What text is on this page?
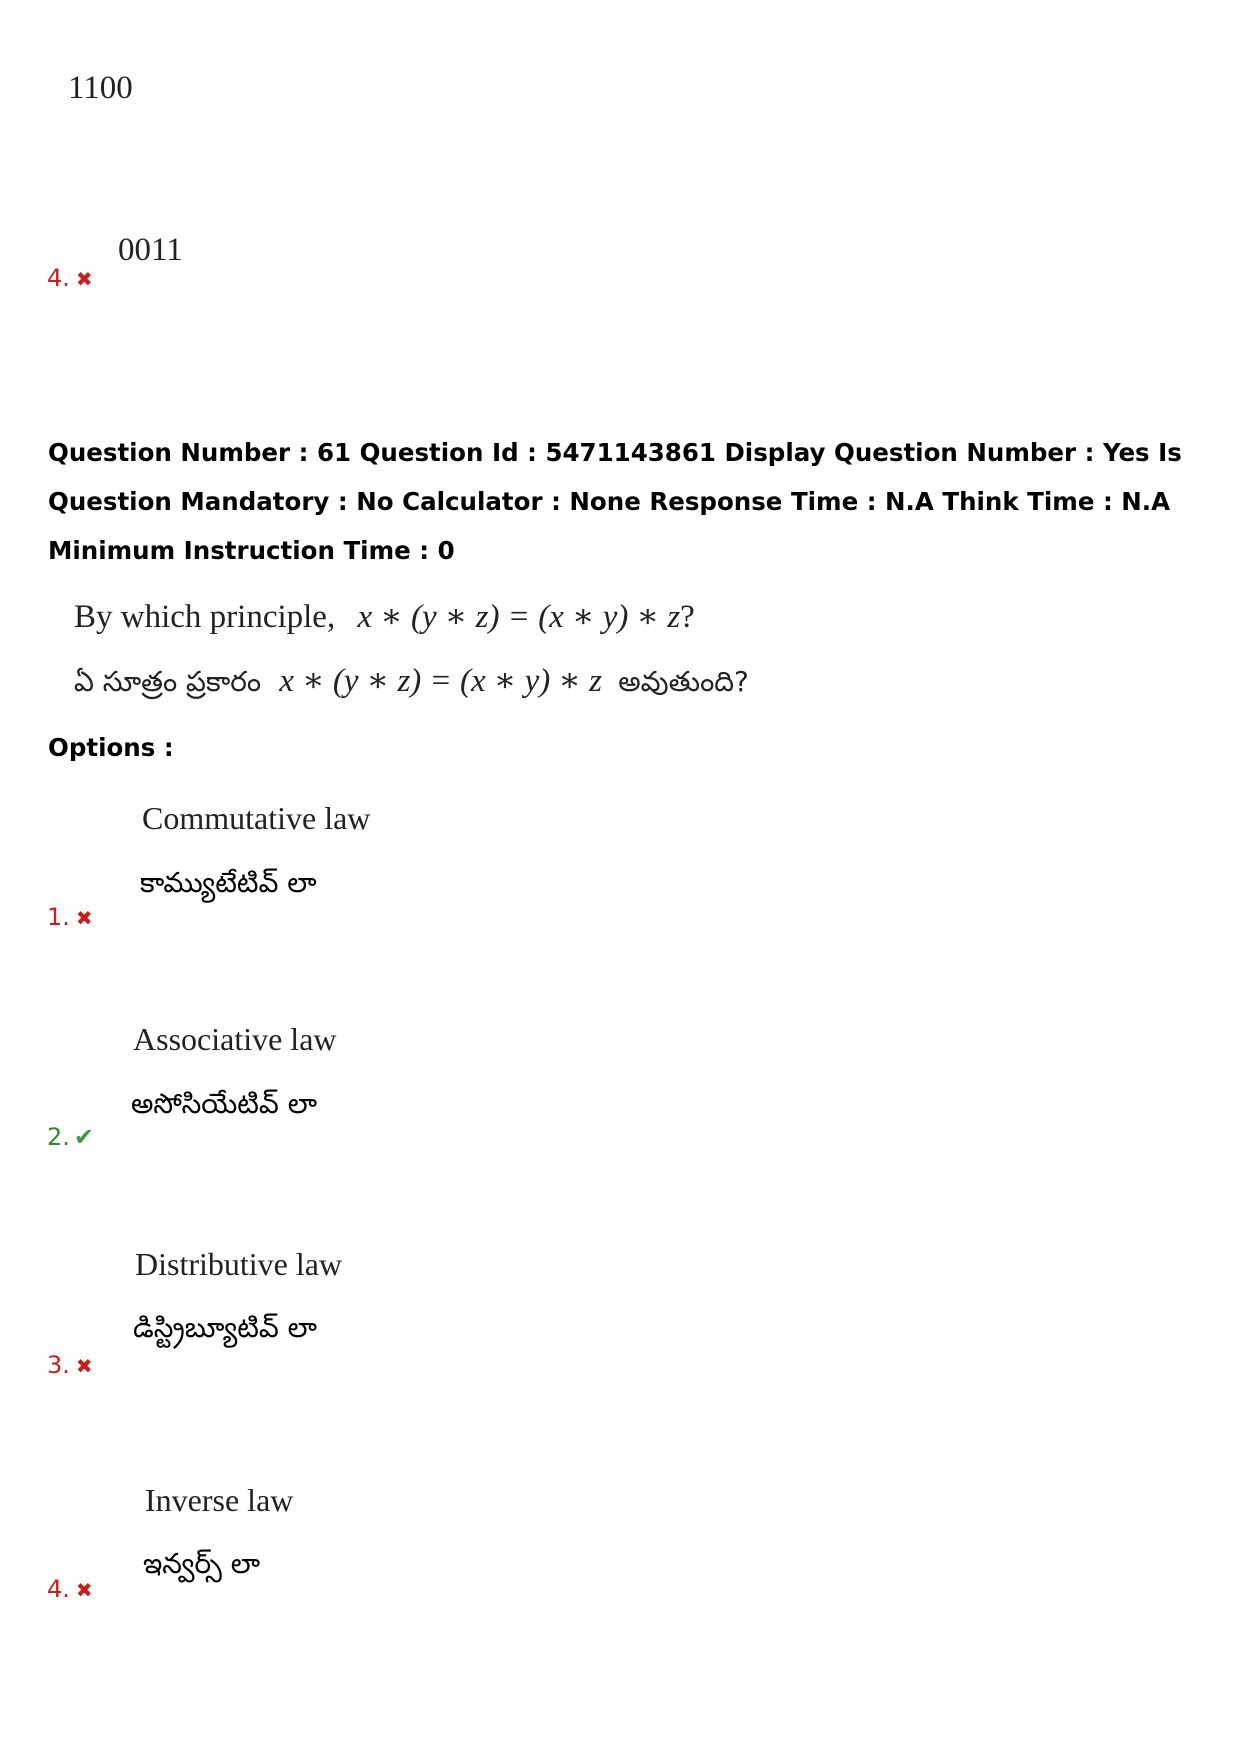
1100
0011
4. ✖
Question Number : 61 Question Id : 5471143861 Display Question Number : Yes Is Question Mandatory : No Calculator : None Response Time : N.A Think Time : N.A Minimum Instruction Time : 0
By which principle, x ∗ (y ∗ z) = (x ∗ y) ∗ z?
ఏ సూత్రం ప్రకారం x ∗ (y ∗ z) = (x ∗ y) ∗ z అవుతుంది?
Options :
Commutative law
కామ్యుటేటివ్ లా
1. ✖
Associative law
అసోసియేటివ్ లా
2. ✔
Distributive law
డిస్ట్రిబ్యూటివ్ లా
3. ✖
Inverse law
ఇన్వర్స్ లా
4. ✖
